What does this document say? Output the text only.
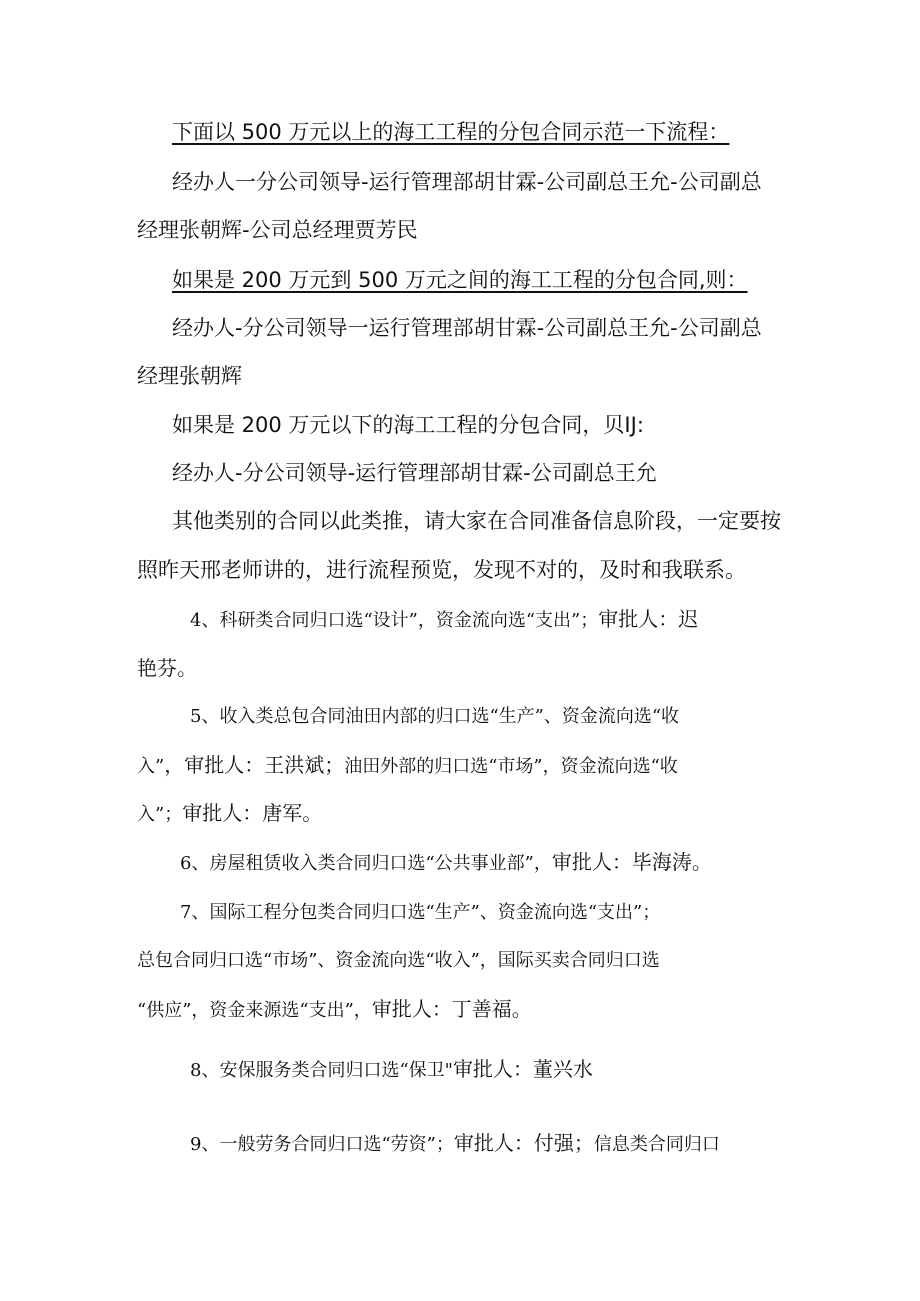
下面以 500 万元以上的海工工程的分包合同示范一下流程：
经办人一分公司领导-运行管理部胡甘霖-公司副总王允-公司副总
经理张朝辉-公司总经理贾芳民
如果是 200 万元到 500 万元之间的海工工程的分包合同,则：
经办人-分公司领导一运行管理部胡甘霖-公司副总王允-公司副总
经理张朝辉
如果是 200 万元以下的海工工程的分包合同，贝IJ:
经办人-分公司领导-运行管理部胡甘霖-公司副总王允
其他类别的合同以此类推，请大家在合同准备信息阶段，一定要按
照昨天邢老师讲的，进行流程预览，发现不对的，及时和我联系。
4、科研类合同归口选“设计”，资金流向选“支出”；审批人：迟
艳芬。
5、收入类总包合同油田内部的归口选“生产”、资金流向选“收
入”，审批人：王洪斌；油田外部的归口选“市场”，资金流向选“收
入”；审批人：唐军。
6、房屋租赁收入类合同归口选“公共事业部”，审批人：毕海涛。
7、国际工程分包类合同归口选“生产”、资金流向选“支出”；
总包合同归口选“市场”、资金流向选“收入”，国际买卖合同归口选
“供应”，资金来源选“支出”，审批人：丁善福。
8、安保服务类合同归口选“保卫"审批人：董兴水
9、一般劳务合同归口选“劳资”；审批人：付强；信息类合同归口
